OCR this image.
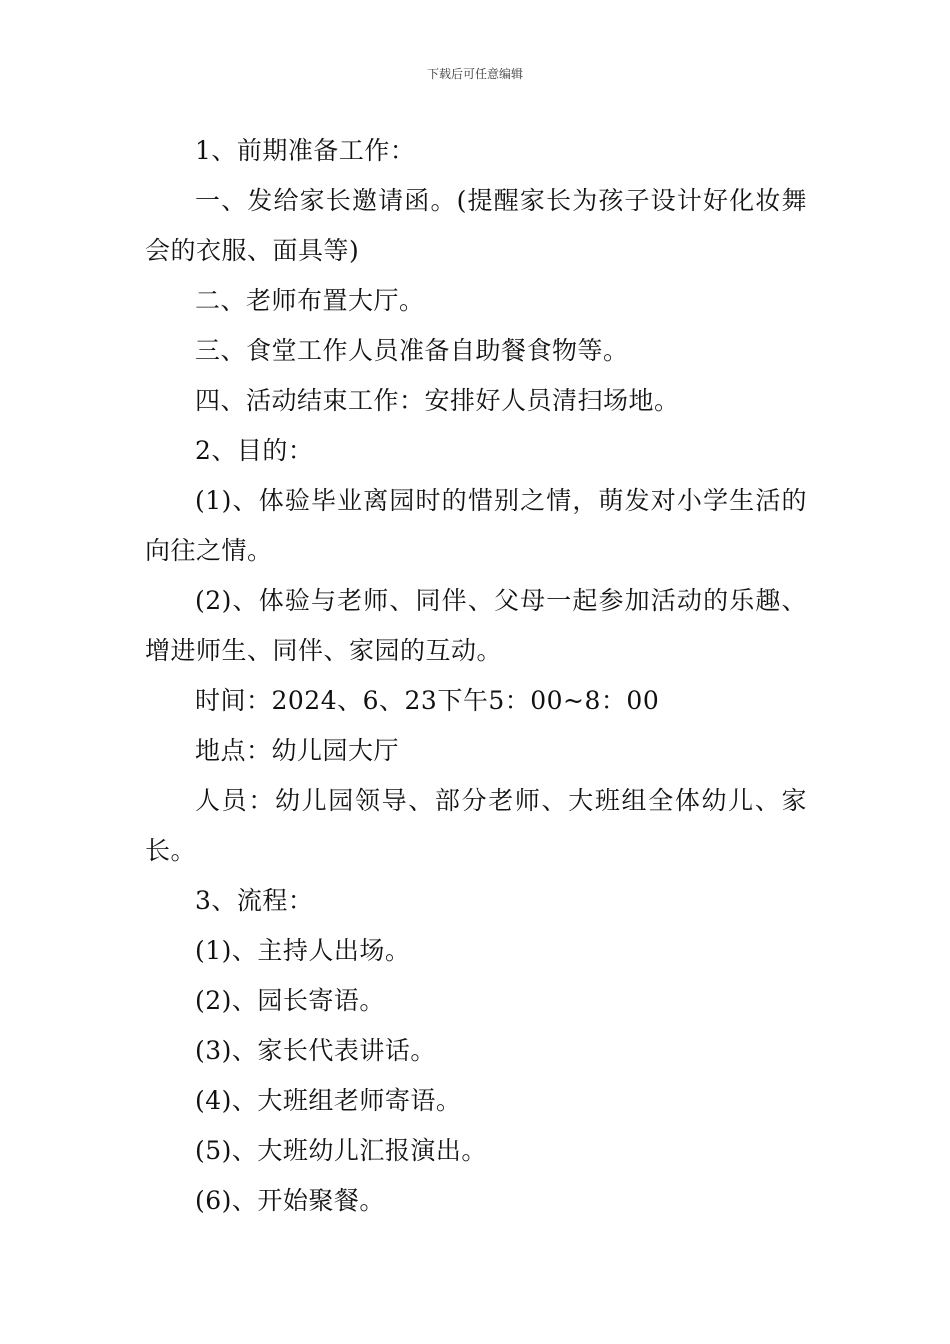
下载后可任意编辑

1、前期准备工作：

一、发给家长邀请函。(提醒家长为孩子设计好化妆舞会的衣服、面具等)

二、老师布置大厅。

三、食堂工作人员准备自助餐食物等。

四、活动结束工作：安排好人员清扫场地。

2、目的：

(1)、体验毕业离园时的惜别之情，萌发对小学生活的向往之情。

(2)、体验与老师、同伴、父母一起参加活动的乐趣、增进师生、同伴、家园的互动。

时间：2024、6、23下午5：00~8：00

地点：幼儿园大厅

人员：幼儿园领导、部分老师、大班组全体幼儿、家长。

3、流程：

(1)、主持人出场。

(2)、园长寄语。

(3)、家长代表讲话。

(4)、大班组老师寄语。

(5)、大班幼儿汇报演出。

(6)、开始聚餐。
